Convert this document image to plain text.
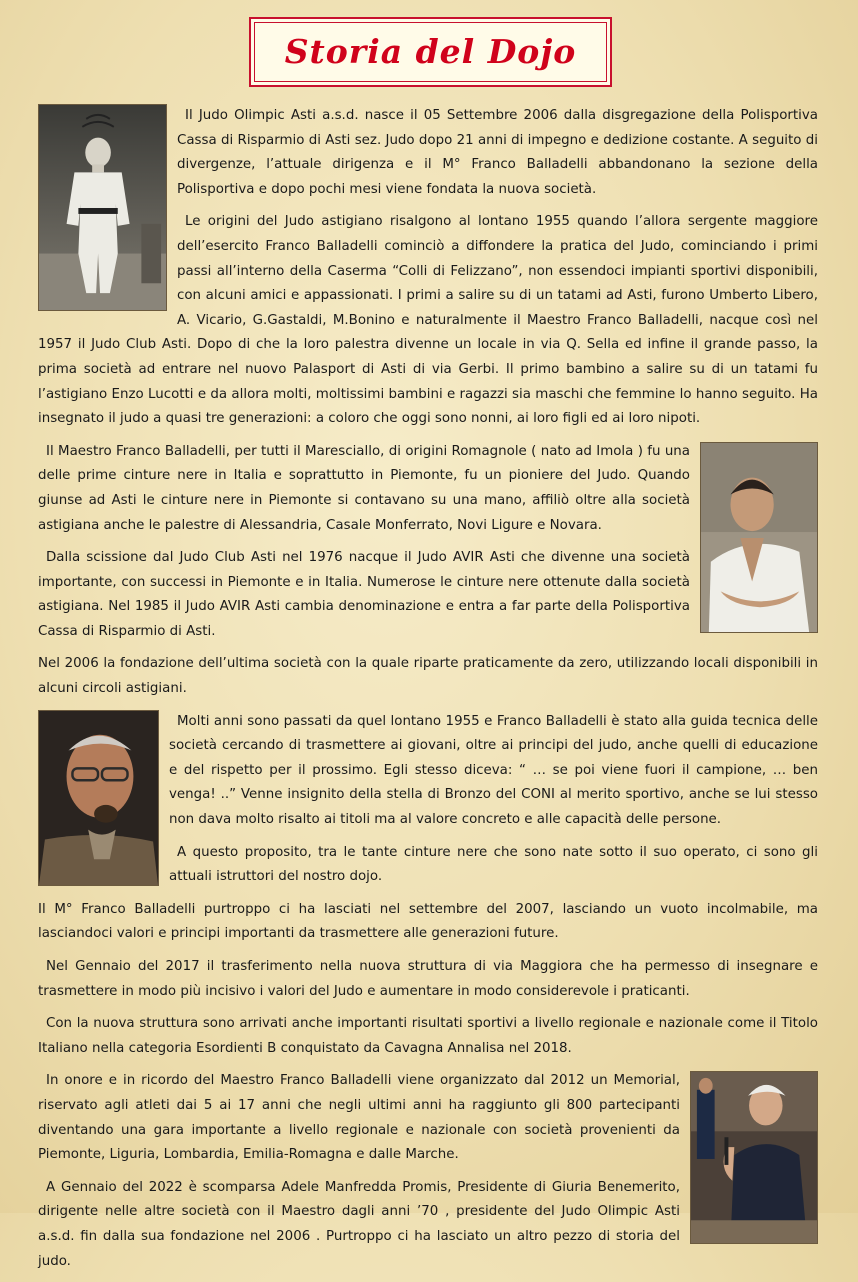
Storia del Dojo

Il Judo Olimpic Asti a.s.d. nasce il 05 Settembre 2006 dalla disgregazione della Polisportiva Cassa di Risparmio di Asti sez. Judo dopo 21 anni di impegno e dedizione costante. A seguito di divergenze, l’attuale dirigenza e il M° Franco Balladelli abbandonano la sezione della Polisportiva e dopo pochi mesi viene fondata la nuova società.

Le origini del Judo astigiano risalgono al lontano 1955 quando l’allora sergente maggiore dell’esercito Franco Balladelli cominciò a diffondere la pratica del Judo, cominciando i primi passi all’interno della Caserma “Colli di Felizzano”, non essendoci impianti sportivi disponibili, con alcuni amici e appassionati. I primi a salire su di un tatami ad Asti, furono Umberto Libero, A. Vicario, G.Gastaldi, M.Bonino e naturalmente il Maestro Franco Balladelli, nacque così nel 1957 il Judo Club Asti. Dopo di che la loro palestra divenne un locale in via Q. Sella ed infine il grande passo, la prima società ad entrare nel nuovo Palasport di Asti di via Gerbi. Il primo bambino a salire su di un tatami fu l’astigiano Enzo Lucotti e da allora molti, moltissimi bambini e ragazzi sia maschi che femmine lo hanno seguito. Ha insegnato il judo a quasi tre generazioni: a coloro che oggi sono nonni, ai loro figli ed ai loro nipoti.

Il Maestro Franco Balladelli, per tutti il Maresciallo, di origini Romagnole ( nato ad Imola ) fu una delle prime cinture nere in Italia e soprattutto in Piemonte, fu un pioniere del Judo. Quando giunse ad Asti le cinture nere in Piemonte si contavano su una mano, affiliò oltre alla società astigiana anche le palestre di Alessandria, Casale Monferrato, Novi Ligure e Novara.

Dalla scissione dal Judo Club Asti nel 1976 nacque il Judo AVIR Asti che divenne una società importante, con successi in Piemonte e in Italia. Numerose le cinture nere ottenute dalla società astigiana. Nel 1985 il Judo AVIR Asti cambia denominazione e entra a far parte della Polisportiva Cassa di Risparmio di Asti.

Nel 2006 la fondazione dell’ultima società con la quale riparte praticamente da zero, utilizzando locali disponibili in alcuni circoli astigiani.

Molti anni sono passati da quel lontano 1955 e Franco Balladelli è stato alla guida tecnica delle società cercando di trasmettere ai giovani, oltre ai principi del judo, anche quelli di educazione e del rispetto per il prossimo. Egli stesso diceva: “ … se poi viene fuori il campione, … ben venga! ..” Venne insignito della stella di Bronzo del CONI al merito sportivo, anche se lui stesso non dava molto risalto ai titoli ma al valore concreto e alle capacità delle persone.

A questo proposito, tra le tante cinture nere che sono nate sotto il suo operato, ci sono gli attuali istruttori del nostro dojo.

Il M° Franco Balladelli purtroppo ci ha lasciati nel settembre del 2007, lasciando un vuoto incolmabile, ma lasciandoci valori e principi importanti da trasmettere alle generazioni future.

Nel Gennaio del 2017 il trasferimento nella nuova struttura di via Maggiora che ha permesso di insegnare e trasmettere in modo più incisivo i valori del Judo e aumentare in modo considerevole i praticanti.

Con la nuova struttura sono arrivati anche importanti risultati sportivi a livello regionale e nazionale come il Titolo Italiano nella categoria Esordienti B conquistato da Cavagna Annalisa nel 2018.

In onore e in ricordo del Maestro Franco Balladelli viene organizzato dal 2012 un Memorial, riservato agli atleti dai 5 ai 17 anni che negli ultimi anni ha raggiunto gli 800 partecipanti diventando una gara importante a livello regionale e nazionale con società provenienti da Piemonte, Liguria, Lombardia, Emilia-Romagna e dalle Marche.

A Gennaio del 2022 è scomparsa Adele Manfredda Promis, Presidente di Giuria Benemerito, dirigente nelle altre società con il Maestro dagli anni ’70 , presidente del Judo Olimpic Asti a.s.d. fin dalla sua fondazione nel 2006 . Purtroppo ci ha lasciato un altro pezzo di storia del judo.
